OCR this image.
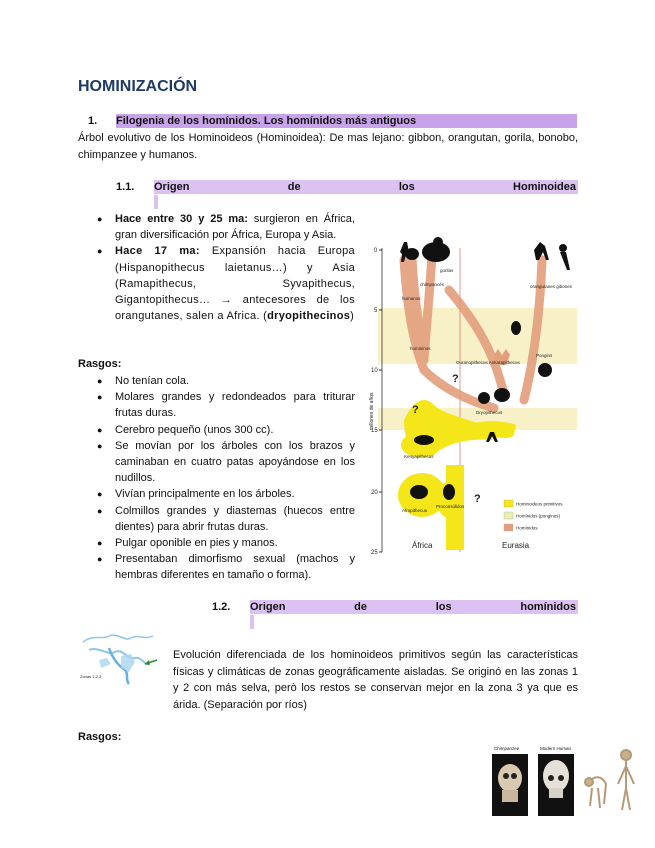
HOMINIZACIÓN
1. Filogenia de los homínidos. Los homínidos más antiguos
Árbol evolutivo de los Hominoideos (Hominoidea): De mas lejano: gibbon, orangutan, gorila, bonobo, chimpanzee y humanos.
1.1. Origen	de	los	Hominoidea
● Hace entre 30 y 25 ma: surgieron en África, gran diversificación por África, Europa y Asia.
● Hace 17 ma: Expansión hacia Europa (Hispanopithecus laietanus…) y Asia (Ramapithecus, Syvapithecus, Gigantopithecus… → antecesores de los orangutanes, salen a Africa. (dryopithecinos)
Rasgos:
● No tenían cola.
● Molares grandes y redondeados para triturar frutas duras.
● Cerebro pequeño (unos 300 cc).
● Se movían por los árboles con los brazos y caminaban en cuatro patas apoyándose en los nudillos.
● Vivían principalmente en los árboles.
● Colmillos grandes y diastemas (huecos entre dientes) para abrir frutas duras.
● Pulgar oponible en pies y manos.
● Presentaban dimorfismo sexual (machos y hembras diferentes en tamaño o forma).
0
5
10
15
20
25
millones de años
gorilas
chimpancés
humanos
homininos
orangutanes gibones
Ouranopithecus Ankarapithecus
Pongins
Dryopithecus
Kenyapithecus
Afropithecus
Proconsúlidos
?
?
?
África	Eurasia
Hominoideos primitivos
Homínidos (pongines)
Homínidos
1.2. Origen	de	los	homínidos
Zonas 1,2,3
Evolución diferenciada de los hominoideos primitivos según las características físicas y climáticas de zonas geográficamente aisladas. Se originó en las zonas 1 y 2 con más selva, però los restos se conservan mejor en la zona 3 ya que es árida. (Separación por ríos)
Rasgos:
Chimpanzee	Modern Human
